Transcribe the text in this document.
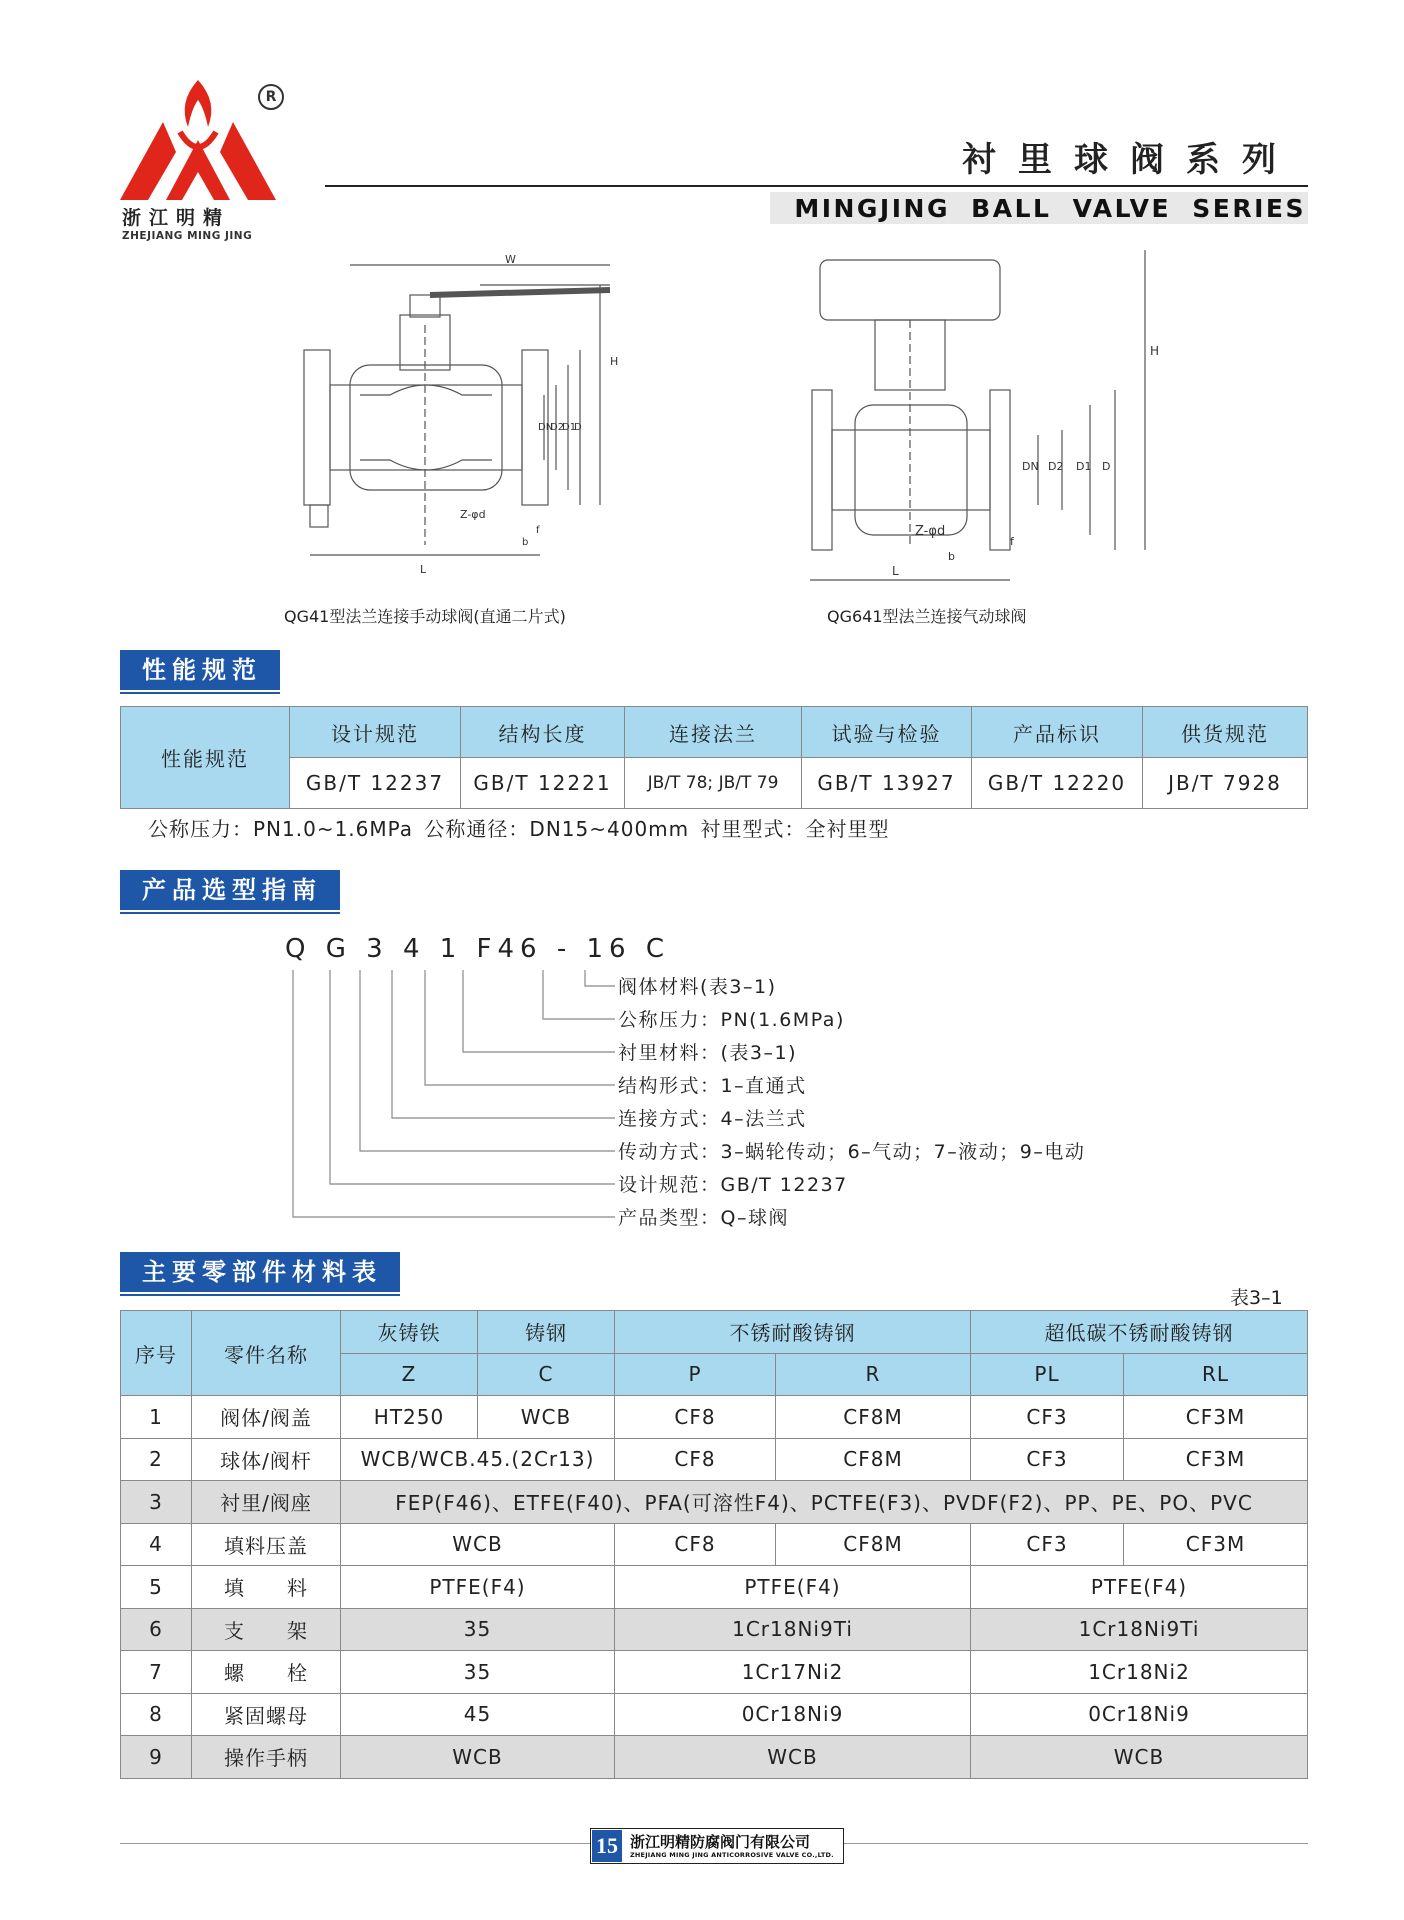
R
浙江明精
ZHEJIANG MING JING
衬里球阀系列
MINGJING BALL VALVE SERIES
W
H
DN
D2
D1
D
Z-φd
f
b
L
QG41型法兰连接手动球阀(直通二片式)
H
DN D2 D1 D
Z-φd
f
b
L
QG641型法兰连接气动球阀
性能规范
性能规范	设计规范	结构长度	连接法兰	试验与检验	产品标识	供货规范
	GB/T 12237	GB/T 12221	JB/T 78; JB/T 79	GB/T 13927	GB/T 12220	JB/T 7928
公称压力：PN1.0~1.6MPa 公称通径：DN15~400mm 衬里型式：全衬里型
产品选型指南
Q G 3 4 1 F46 - 16 C
阀体材料(表3–1)
公称压力：PN(1.6MPa)
衬里材料：(表3–1)
结构形式：1–直通式
连接方式：4–法兰式
传动方式：3–蜗轮传动；6–气动；7–液动；9–电动
设计规范：GB/T 12237
产品类型：Q–球阀
主要零部件材料表
表3–1
序号	零件名称	灰铸铁	铸钢	不锈耐酸铸钢		超低碳不锈耐酸铸钢	
		Z	C	P	R	PL	RL
1	阀体/阀盖	HT250	WCB	CF8	CF8M	CF3	CF3M
2	球体/阀杆	WCB/WCB.45.(2Cr13)		CF8	CF8M	CF3	CF3M
3	衬里/阀座	FEP(F46)、ETFE(F40)、PFA(可溶性F4)、PCTFE(F3)、PVDF(F2)、PP、PE、PO、PVC					
4	填料压盖	WCB		CF8	CF8M	CF3	CF3M
5	填　　料	PTFE(F4)		PTFE(F4)		PTFE(F4)	
6	支　　架	35		1Cr18Ni9Ti		1Cr18Ni9Ti	
7	螺　　栓	35		1Cr17Ni2		1Cr18Ni2	
8	紧固螺母	45		0Cr18Ni9		0Cr18Ni9	
9	操作手柄	WCB		WCB		WCB	
15 浙江明精防腐阀门有限公司
ZHEJIANG MING JING ANTICORROSIVE VALVE CO.,LTD.
